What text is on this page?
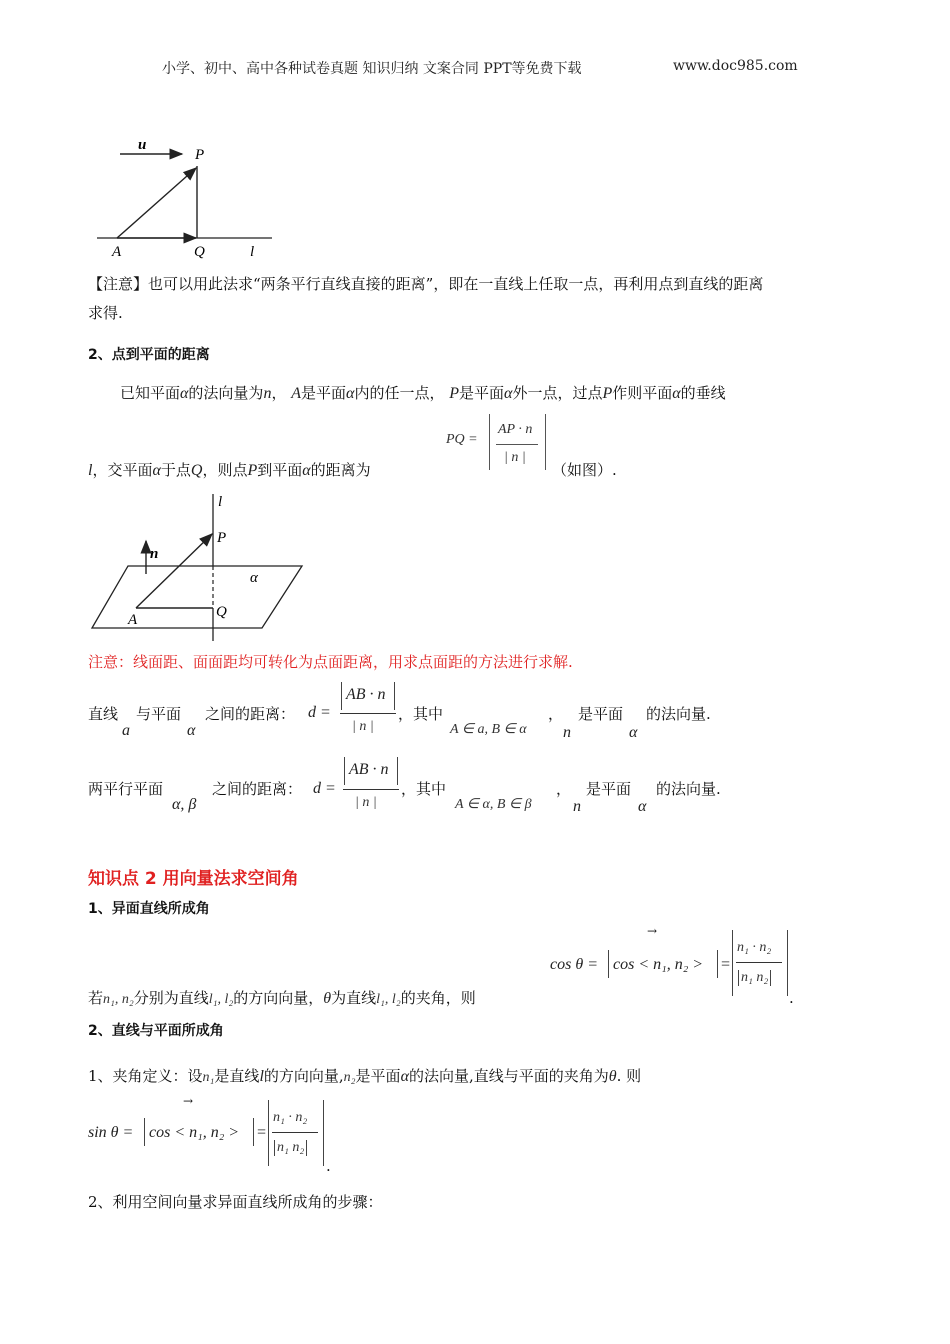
小学、初中、高中各种试卷真题 知识归纳 文案合同 PPT等免费下载	www.doc985.com
u
P
A	Q	l
【注意】也可以用此法求“两条平行直线直接的距离”，即在一直线上任取一点，再利用点到直线的距离
求得.
2、点到平面的距离
已知平面α的法向量为n， A是平面α内的任一点， P是平面α外一点，过点P作则平面α的垂线
l，交平面α于点Q，则点P到平面α的距离为
PQ =
AP · n
| n |
（如图）.
l
P
n
α
A	Q
注意：线面距、面面距均可转化为点面距离，用求点面距的方法进行求解.
直线
a
与平面
α
之间的距离： d =
AB · n
| n |
，其中
A ∈ a, B ∈ α
，
n
是平面
α
的法向量.
两平行平面
α, β
之间的距离： d =
AB · n
| n |
，其中
A ∈ α, B ∈ β
，
n
是平面
α
的法向量.
知识点 2 用向量法求空间角
1、异面直线所成角
cos θ =
→
cos < n₁, n₂ > =
n₁ · n₂
n₁ n₂
.
若n₁, n₂分别为直线l₁, l₂的方向向量，θ为直线l₁, l₂的夹角，则
2、直线与平面所成角
1、夹角定义：设n₁是直线l的方向向量,n₂是平面α的法向量,直线与平面的夹角为θ. 则
sin θ =
→
cos < n₁, n₂ > =
n₁ · n₂
n₁ n₂
.
2、利用空间向量求异面直线所成角的步骤：
